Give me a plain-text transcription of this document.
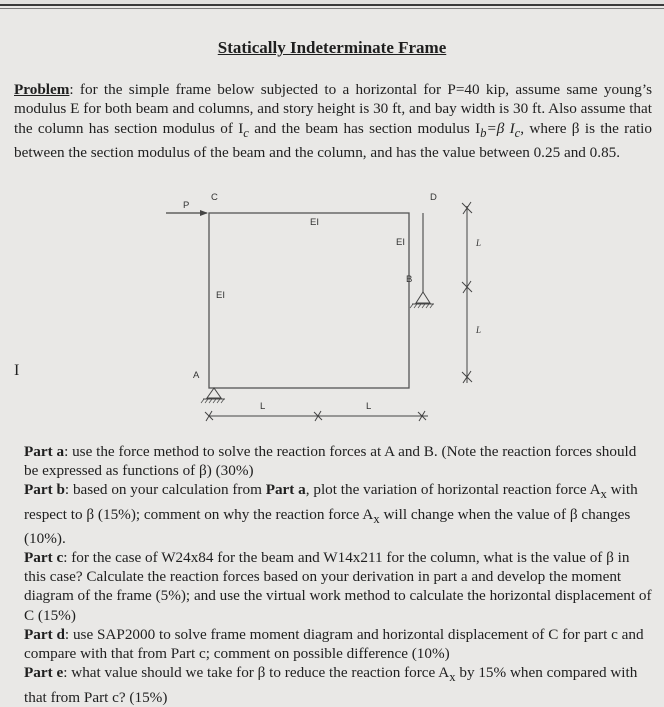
Statically Indeterminate Frame
Problem: for the simple frame below subjected to a horizontal for P=40 kip, assume same young’s modulus E for both beam and columns, and story height is 30 ft, and bay width is 30 ft. Also assume that the column has section modulus of $I_c$ and the beam has section modulus $I_b=\beta$ $I_c$, where β is the ratio between the section modulus of the beam and the column, and has the value between 0.25 and 0.85.
P
C	D
EI
EI
EI
B
A
L	L
L
L
I

Part a: use the force method to solve the reaction forces at A and B. (Note the reaction forces should be expressed as functions of β) (30%)

Part b: based on your calculation from Part a, plot the variation of horizontal reaction force $A_x$ with respect to β (15%); comment on why the reaction force $A_x$ will change when the value of β changes (10%).

Part c: for the case of W24x84 for the beam and W14x211 for the column, what is the value of β in this case? Calculate the reaction forces based on your derivation in part a and develop the moment diagram of the frame (5%); and use the virtual work method to calculate the horizontal displacement of C (15%)

Part d: use SAP2000 to solve frame moment diagram and horizontal displacement of C for part c and compare with that from Part c; comment on possible difference (10%)

Part e: what value should we take for β to reduce the reaction force $A_x$ by 15% when compared with that from Part c? (15%)
